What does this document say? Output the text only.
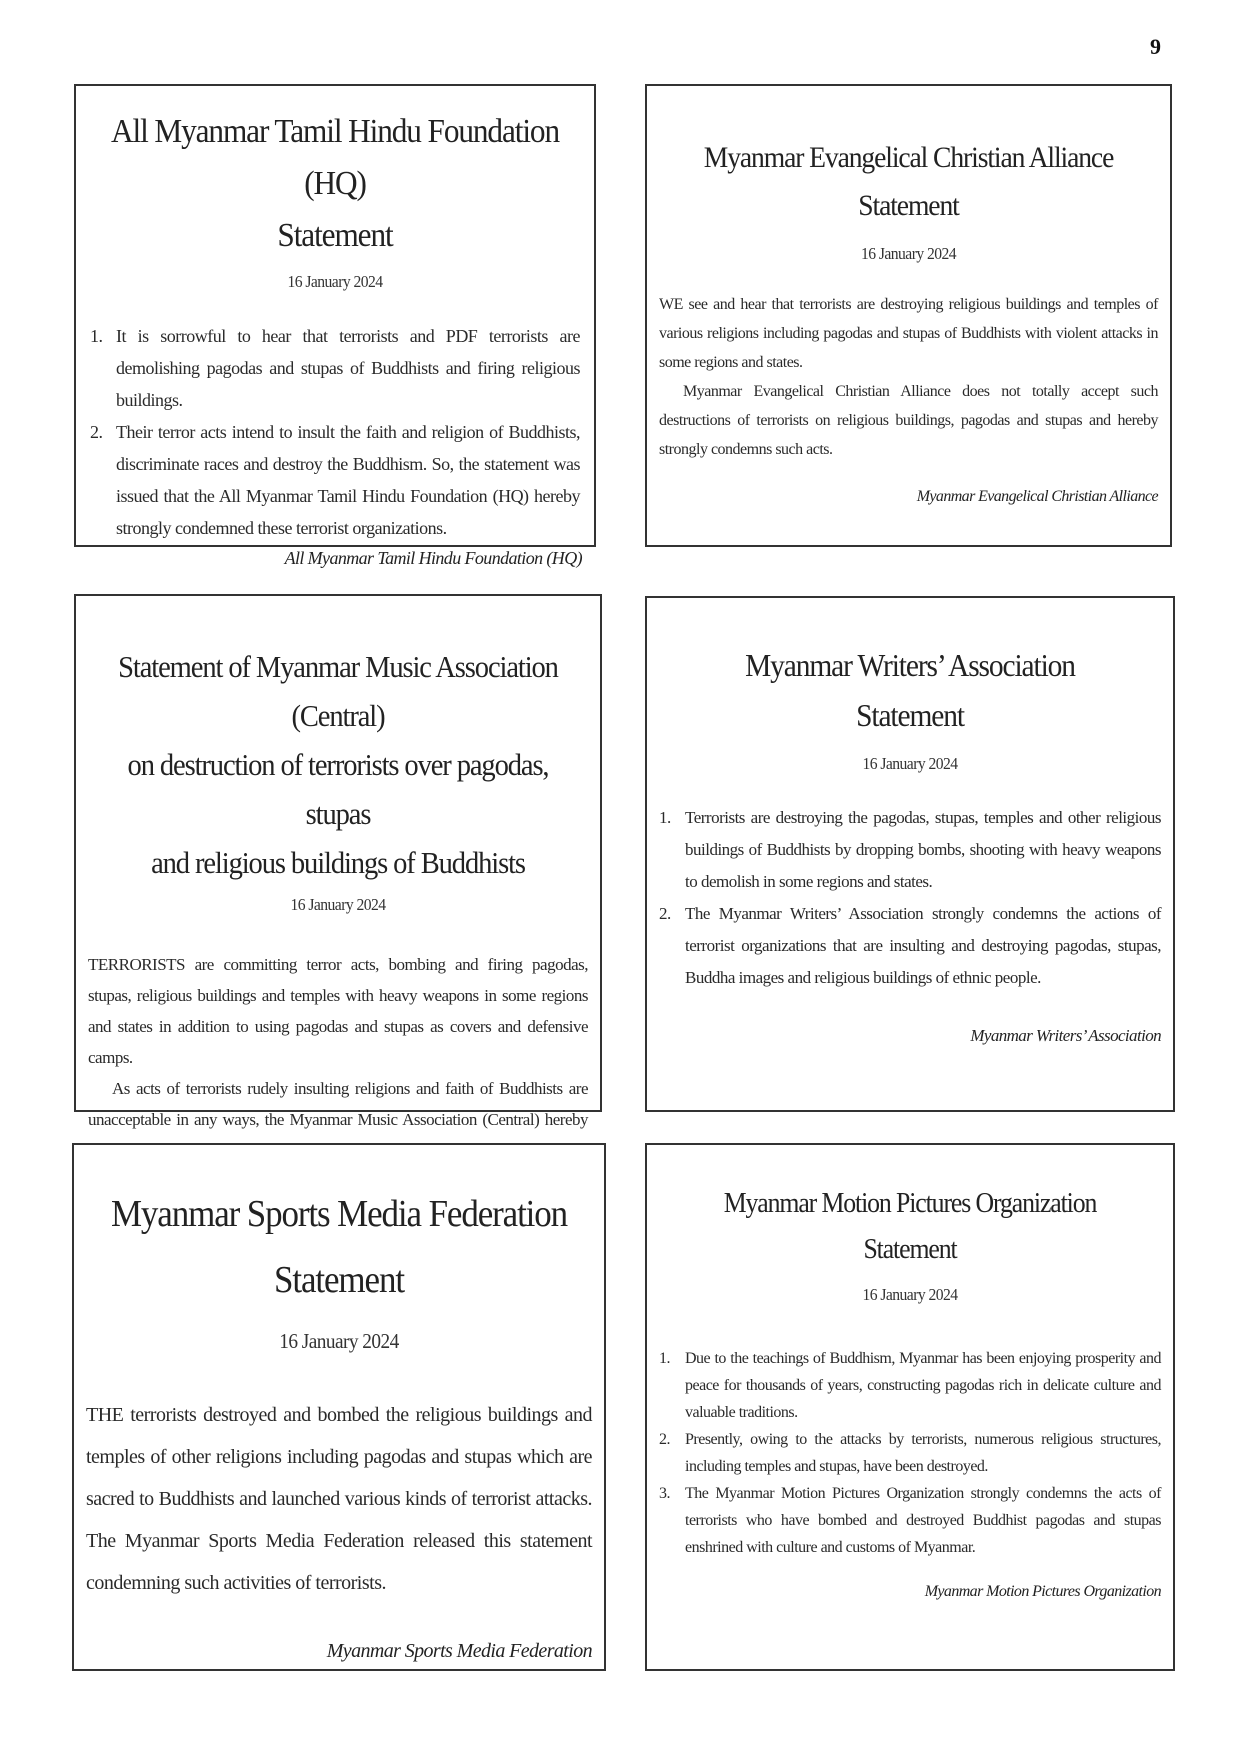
9
All Myanmar Tamil Hindu Foundation (HQ)
Statement
16 January 2024
1. It is sorrowful to hear that terrorists and PDF terrorists are demolishing pagodas and stupas of Buddhists and firing religious buildings.
2. Their terror acts intend to insult the faith and religion of Buddhists, discriminate races and destroy the Buddhism. So, the statement was issued that the All Myanmar Tamil Hindu Foundation (HQ) hereby strongly condemned these terrorist organizations.
All Myanmar Tamil Hindu Foundation (HQ)
Myanmar Evangelical Christian Alliance
Statement
16 January 2024

WE see and hear that terrorists are destroying religious buildings and temples of various religions including pagodas and stupas of Buddhists with violent attacks in some regions and states.

Myanmar Evangelical Christian Alliance does not totally accept such destructions of terrorists on religious buildings, pagodas and stupas and hereby strongly condemns such acts.

Myanmar Evangelical Christian Alliance
Statement of Myanmar Music Association (Central)
on destruction of terrorists over pagodas, stupas
and religious buildings of Buddhists
16 January 2024

TERRORISTS are committing terror acts, bombing and firing pagodas, stupas, religious buildings and temples with heavy weapons in some regions and states in addition to using pagodas and stupas as covers and defensive camps.

As acts of terrorists rudely insulting religions and faith of Buddhists are unacceptable in any ways, the Myanmar Music Association (Central) hereby

Myanmar Writers’ Association
Statement
16 January 2024
1. Terrorists are destroying the pagodas, stupas, temples and other religious buildings of Buddhists by dropping bombs, shooting with heavy weapons to demolish in some regions and states.
2. The Myanmar Writers’ Association strongly condemns the actions of terrorist organizations that are insulting and destroying pagodas, stupas, Buddha images and religious buildings of ethnic people.
Myanmar Writers’ Association
Myanmar Sports Media Federation
Statement
16 January 2024

THE terrorists destroyed and bombed the religious buildings and temples of other religions including pagodas and stupas which are sacred to Buddhists and launched various kinds of terrorist attacks. The Myanmar Sports Media Federation released this statement condemning such activities of terrorists.

Myanmar Sports Media Federation
Myanmar Motion Pictures Organization
Statement
16 January 2024
1. Due to the teachings of Buddhism, Myanmar has been enjoying prosperity and peace for thousands of years, constructing pagodas rich in delicate culture and valuable traditions.
2. Presently, owing to the attacks by terrorists, numerous religious structures, including temples and stupas, have been destroyed.
3. The Myanmar Motion Pictures Organization strongly condemns the acts of terrorists who have bombed and destroyed Buddhist pagodas and stupas enshrined with culture and customs of Myanmar.
Myanmar Motion Pictures Organization
